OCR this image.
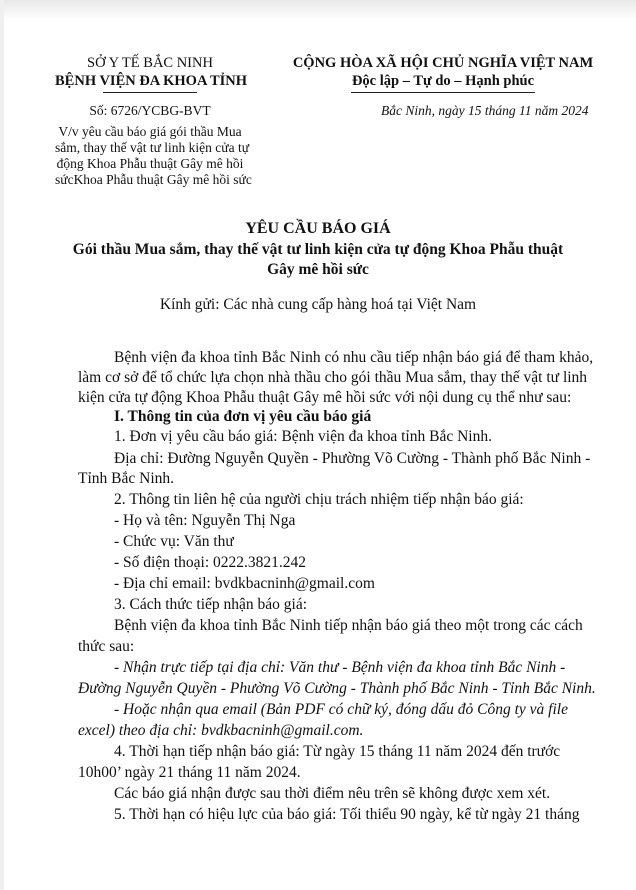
SỞ Y TẾ BẮC NINH
BỆNH VIỆN ĐA KHOA TỈNH
CỘNG HÒA XÃ HỘI CHỦ NGHĨA VIỆT NAM
Độc lập – Tự do – Hạnh phúc
Số: 6726/YCBG-BVT	Bắc Ninh, ngày 15 tháng 11 năm 2024
V/v yêu cầu báo giá gói thầu Mua
sắm, thay thế vật tư linh kiện cửa tự
động Khoa Phẫu thuật Gây mê hồi
sứcKhoa Phẫu thuật Gây mê hồi sức
YÊU CẦU BÁO GIÁ
Gói thầu Mua sắm, thay thế vật tư linh kiện cửa tự động Khoa Phẫu thuật
Gây mê hồi sức
Kính gửi: Các nhà cung cấp hàng hoá tại Việt Nam
Bệnh viện đa khoa tỉnh Bắc Ninh có nhu cầu tiếp nhận báo giá để tham khảo,
làm cơ sở để tổ chức lựa chọn nhà thầu cho gói thầu Mua sắm, thay thế vật tư linh
kiện cửa tự động Khoa Phẫu thuật Gây mê hồi sức với nội dung cụ thể như sau:
I. Thông tin của đơn vị yêu cầu báo giá
1. Đơn vị yêu cầu báo giá: Bệnh viện đa khoa tỉnh Bắc Ninh.
Địa chỉ: Đường Nguyễn Quyền - Phường Võ Cường - Thành phố Bắc Ninh -
Tỉnh Bắc Ninh.
2. Thông tin liên hệ của người chịu trách nhiệm tiếp nhận báo giá:
- Họ và tên: Nguyễn Thị Nga
- Chức vụ: Văn thư
- Số điện thoại: 0222.3821.242
- Địa chỉ email: bvdkbacninh@gmail.com
3. Cách thức tiếp nhận báo giá:
Bệnh viện đa khoa tỉnh Bắc Ninh tiếp nhận báo giá theo một trong các cách
thức sau:
- Nhận trực tiếp tại địa chỉ: Văn thư - Bệnh viện đa khoa tỉnh Bắc Ninh -
Đường Nguyễn Quyền - Phường Võ Cường - Thành phố Bắc Ninh - Tỉnh Bắc Ninh.
- Hoặc nhận qua email (Bản PDF có chữ ký, đóng dấu đỏ Công ty và file
excel) theo địa chỉ: bvdkbacninh@gmail.com.
4. Thời hạn tiếp nhận báo giá: Từ ngày 15 tháng 11 năm 2024 đến trước
10h00’ ngày 21 tháng 11 năm 2024.
Các báo giá nhận được sau thời điểm nêu trên sẽ không được xem xét.
5. Thời hạn có hiệu lực của báo giá: Tối thiểu 90 ngày, kể từ ngày 21 tháng
